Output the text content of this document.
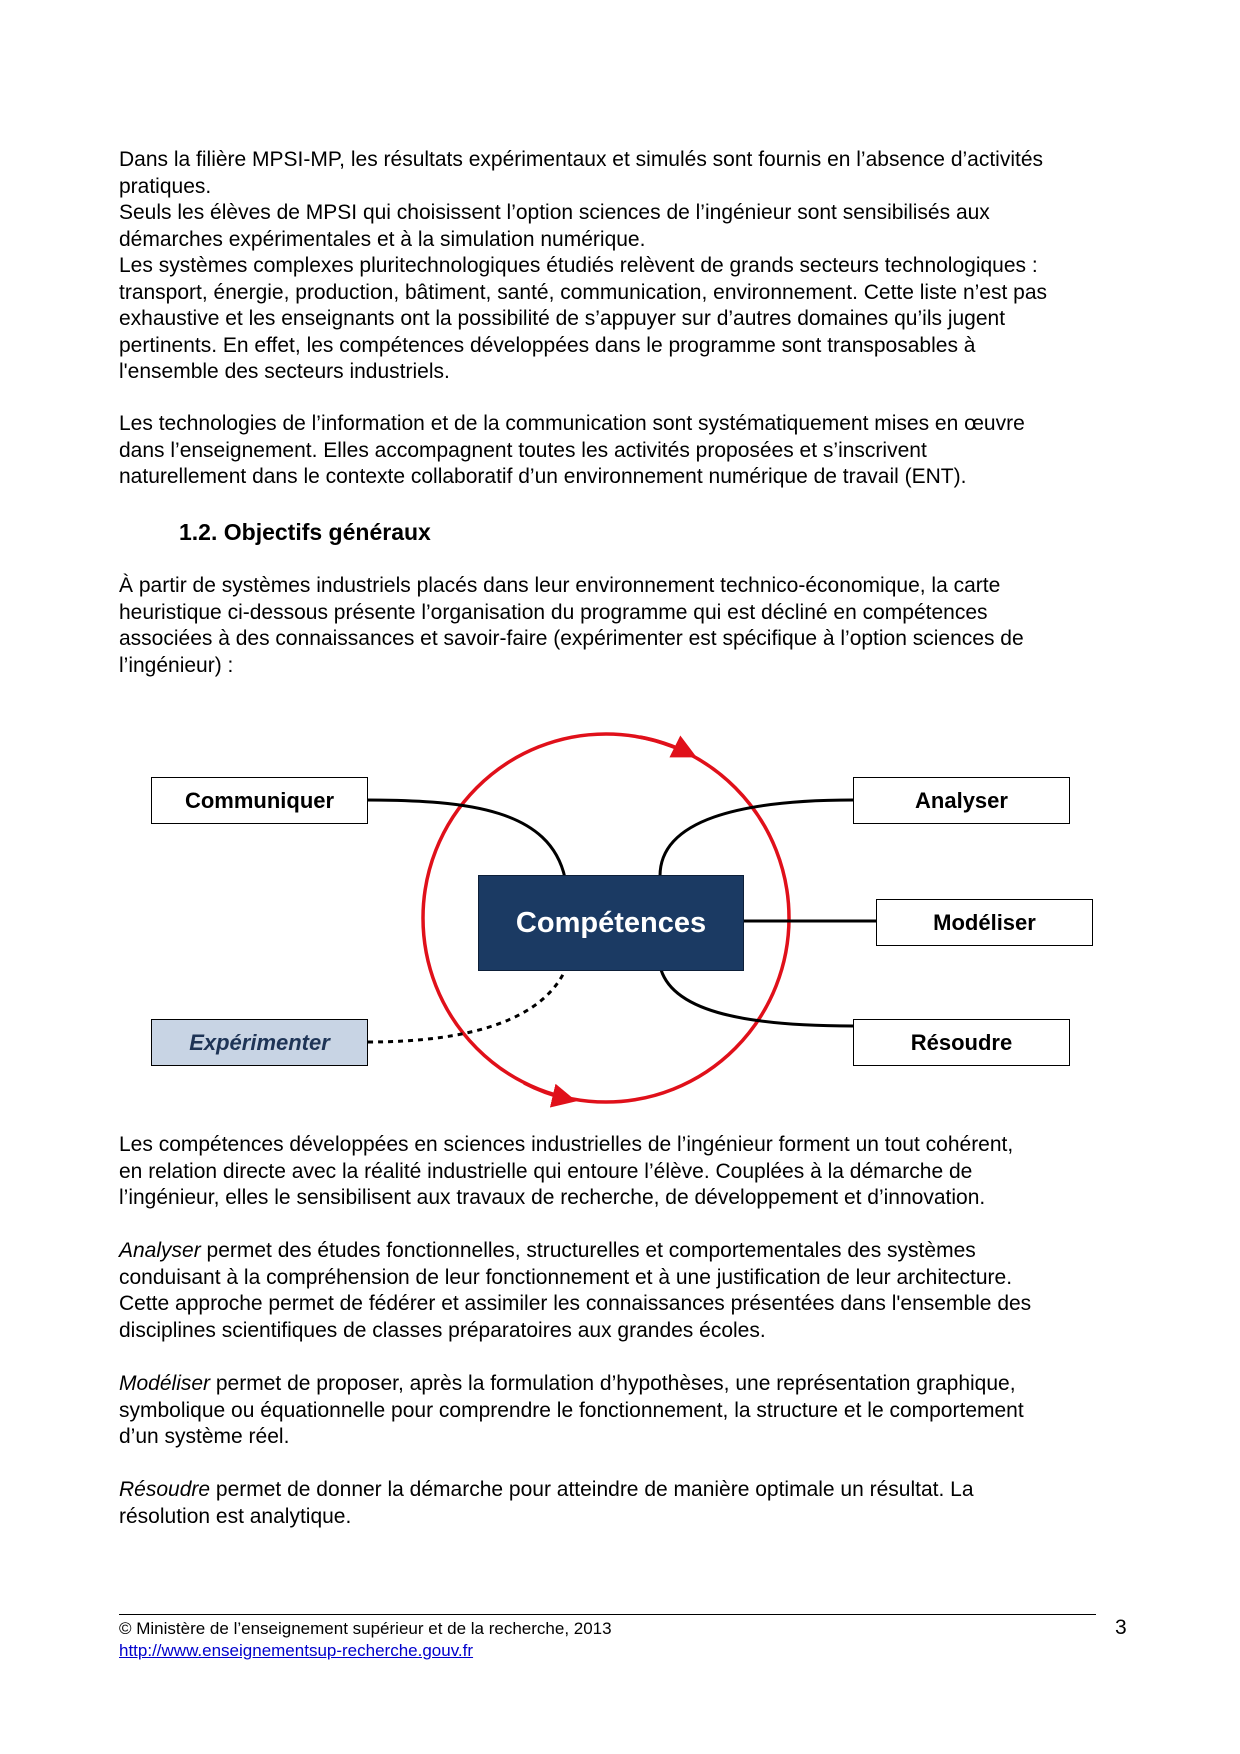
Dans la filière MPSI-MP, les résultats expérimentaux et simulés sont fournis en l’absence d’activités
pratiques.

Seuls les élèves de MPSI qui choisissent l’option sciences de l’ingénieur sont sensibilisés aux
démarches expérimentales et à la simulation numérique.

Les systèmes complexes pluritechnologiques étudiés relèvent de grands secteurs technologiques :
transport, énergie, production, bâtiment, santé, communication, environnement. Cette liste n’est pas
exhaustive et les enseignants ont la possibilité de s’appuyer sur d’autres domaines qu’ils jugent
pertinents. En effet, les compétences développées dans le programme sont transposables à
l'ensemble des secteurs industriels.

Les technologies de l’information et de la communication sont systématiquement mises en œuvre
dans l’enseignement. Elles accompagnent toutes les activités proposées et s’inscrivent
naturellement dans le contexte collaboratif d’un environnement numérique de travail (ENT).

1.2. Objectifs généraux

À partir de systèmes industriels placés dans leur environnement technico-économique, la carte
heuristique ci-dessous présente l’organisation du programme qui est décliné en compétences
associées à des connaissances et savoir-faire (expérimenter est spécifique à l’option sciences de
l’ingénieur) :

Communiquer	Analyser
Compétences	Modéliser
Expérimenter	Résoudre

Les compétences développées en sciences industrielles de l’ingénieur forment un tout cohérent,
en relation directe avec la réalité industrielle qui entoure l’élève. Couplées à la démarche de
l’ingénieur, elles le sensibilisent aux travaux de recherche, de développement et d’innovation.

Analyser permet des études fonctionnelles, structurelles et comportementales des systèmes
conduisant à la compréhension de leur fonctionnement et à une justification de leur architecture.
Cette approche permet de fédérer et assimiler les connaissances présentées dans l'ensemble des
disciplines scientifiques de classes préparatoires aux grandes écoles.

Modéliser permet de proposer, après la formulation d’hypothèses, une représentation graphique,
symbolique ou équationnelle pour comprendre le fonctionnement, la structure et le comportement
d’un système réel.

Résoudre permet de donner la démarche pour atteindre de manière optimale un résultat. La
résolution est analytique.

© Ministère de l’enseignement supérieur et de la recherche, 2013
http://www.enseignementsup-recherche.gouv.fr
3
